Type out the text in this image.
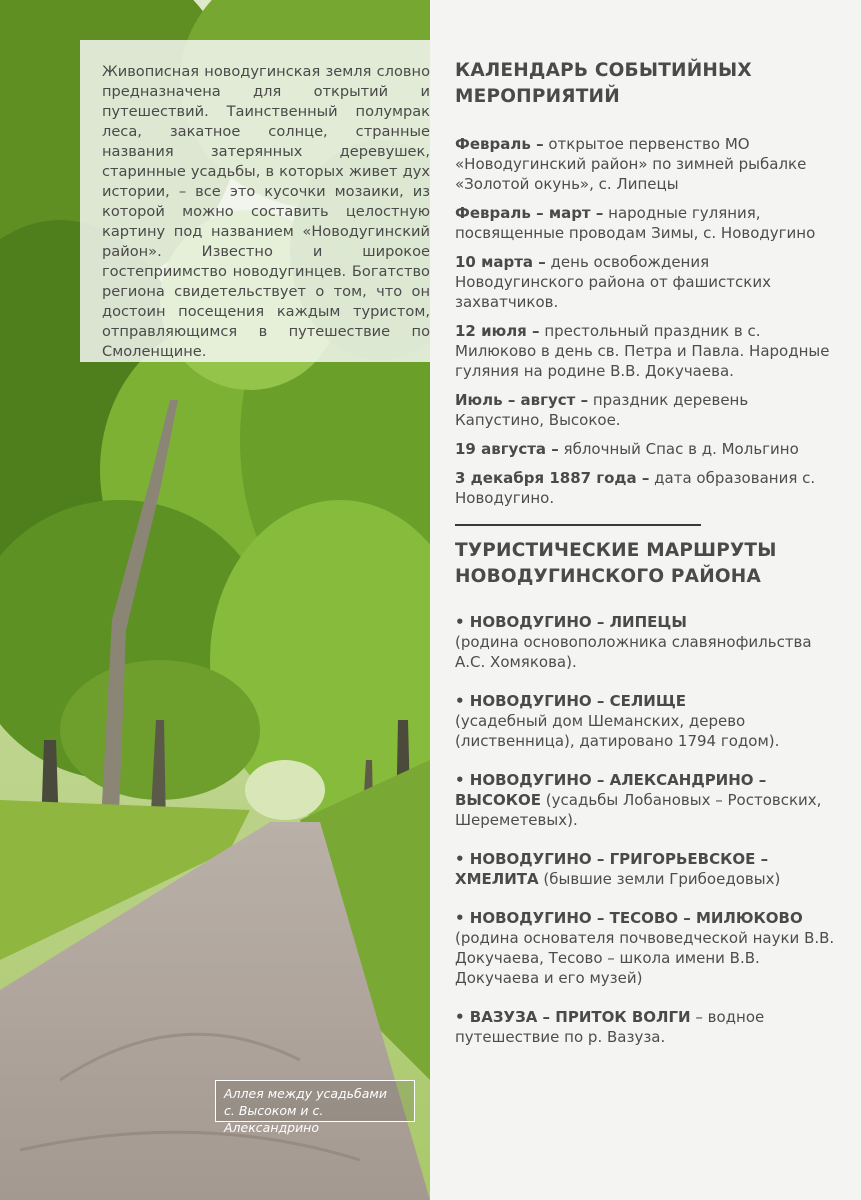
Живописная новодугинская земля словно предназначена для открытий и путешествий. Таинственный полумрак леса, закатное солнце, странные названия затерянных деревушек, старинные усадьбы, в которых живет дух истории, – все это кусочки мозаики, из которой можно составить целостную картину под названием «Новодугинский район». Известно и широкое гостеприимство новодугинцев. Богатство региона свидетельствует о том, что он достоин посещения каждым туристом, отправляющимся в путешествие по Смоленщине.

Аллея между усадьбами
с. Высоком и с. Александрино
КАЛЕНДАРЬ СОБЫТИЙНЫХ
МЕРОПРИЯТИЙ

Февраль – открытое первенство МО «Новодугинский район» по зимней рыбалке «Золотой окунь», с. Липецы

Февраль – март – народные гуляния, посвященные проводам Зимы, с. Новодугино

10 марта – день освобождения Новодугинского района от фашистских захватчиков.

12 июля – престольный праздник в с. Милюково в день св. Петра и Павла. Народные гуляния на родине В.В. Докучаева.

Июль – август – праздник деревень Капустино, Высокое.

19 августа – яблочный Спас в д. Мольгино

3 декабря 1887 года – дата образования с. Новодугино.

ТУРИСТИЧЕСКИЕ МАРШРУТЫ
НОВОДУГИНСКОГО РАЙОНА

• НОВОДУГИНО – ЛИПЕЦЫ
(родина основоположника славянофильства А.С. Хомякова).

• НОВОДУГИНО – СЕЛИЩЕ
(усадебный дом Шеманских, дерево (лиственница), датировано 1794 годом).

• НОВОДУГИНО – АЛЕКСАНДРИНО – ВЫСОКОЕ (усадьбы Лобановых – Ростовских, Шереметевых).

• НОВОДУГИНО – ГРИГОРЬЕВСКОЕ – ХМЕЛИТА (бывшие земли Грибоедовых)

• НОВОДУГИНО – ТЕСОВО – МИЛЮКОВО (родина основателя почвоведческой науки В.В. Докучаева, Тесово – школа имени В.В. Докучаева и его музей)

• ВАЗУЗА – ПРИТОК ВОЛГИ – водное путешествие по р. Вазуза.
